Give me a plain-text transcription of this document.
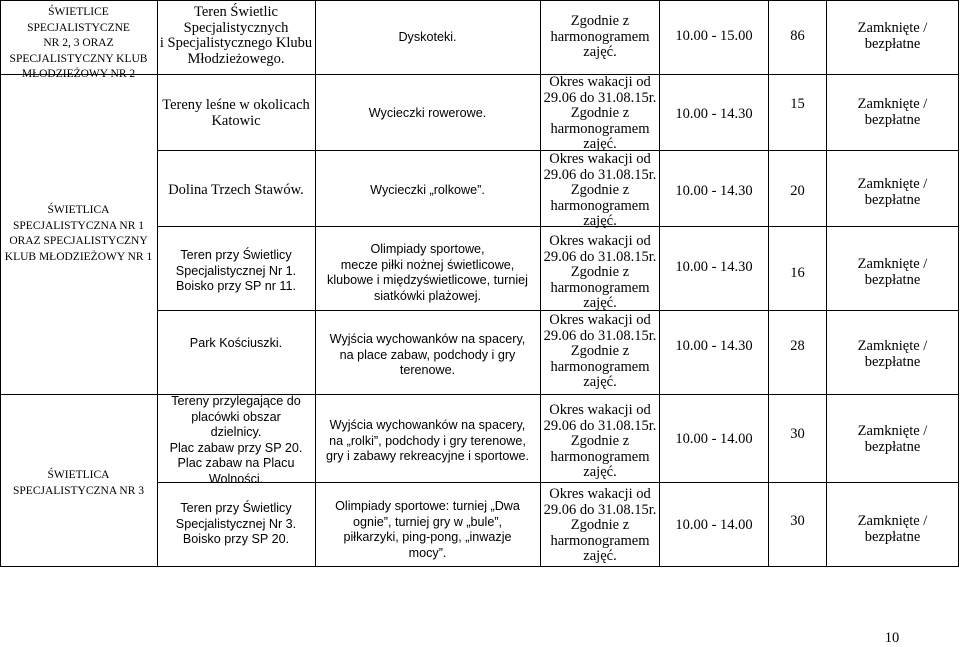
ŚWIETLICE
SPECJALISTYCZNE
NR 2, 3 ORAZ
SPECJALISTYCZNY KLUB
MŁODZIEŻOWY NR 2
ŚWIETLICA
SPECJALISTYCZNA NR 1
ORAZ SPECJALISTYCZNY
KLUB MŁODZIEŻOWY NR 1
ŚWIETLICA
SPECJALISTYCZNA NR 3
Teren Świetlic
Specjalistycznych
i Specjalistycznego Klubu
Młodzieżowego.
Tereny leśne w okolicach
Katowic
Dolina Trzech Stawów.
Teren przy Świetlicy
Specjalistycznej Nr 1.
Boisko przy SP nr 11.
Park Kościuszki.
Tereny przylegające do
placówki obszar
dzielnicy.
Plac zabaw przy SP 20.
Plac zabaw na Placu
Wolności.
Teren przy Świetlicy
Specjalistycznej Nr 3.
Boisko przy SP 20.
Dyskoteki.
Wycieczki rowerowe.
Wycieczki „rolkowe”.
Olimpiady sportowe,
mecze piłki nożnej świetlicowe,
klubowe i międzyświetlicowe, turniej
siatkówki plażowej.
Wyjścia wychowanków na spacery,
na place zabaw, podchody i gry
terenowe.
Wyjścia wychowanków na spacery,
na „rolki”, podchody i gry terenowe,
gry i zabawy rekreacyjne i sportowe.
Olimpiady sportowe: turniej „Dwa
ognie”, turniej gry w „bule”,
piłkarzyki, ping-pong, „inwazje
mocy”.
Zgodnie z
harmonogramem
zajęć.
Okres wakacji od
29.06 do 31.08.15r.
Zgodnie z
harmonogramem
zajęć.
Okres wakacji od
29.06 do 31.08.15r.
Zgodnie z
harmonogramem
zajęć.
Okres wakacji od
29.06 do 31.08.15r.
Zgodnie z
harmonogramem
zajęć.
Okres wakacji od
29.06 do 31.08.15r.
Zgodnie z
harmonogramem
zajęć.
Okres wakacji od
29.06 do 31.08.15r.
Zgodnie z
harmonogramem
zajęć.
Okres wakacji od
29.06 do 31.08.15r.
Zgodnie z
harmonogramem
zajęć.
10.00 - 15.00
10.00 - 14.30
10.00 - 14.30
10.00 - 14.30
10.00 - 14.30
10.00 - 14.00
10.00 - 14.00
86
15
20
16
28
30
30
Zamknięte /
bezpłatne
Zamknięte /
bezpłatne
Zamknięte /
bezpłatne
Zamknięte /
bezpłatne
Zamknięte /
bezpłatne
Zamknięte /
bezpłatne
Zamknięte /
bezpłatne
10
